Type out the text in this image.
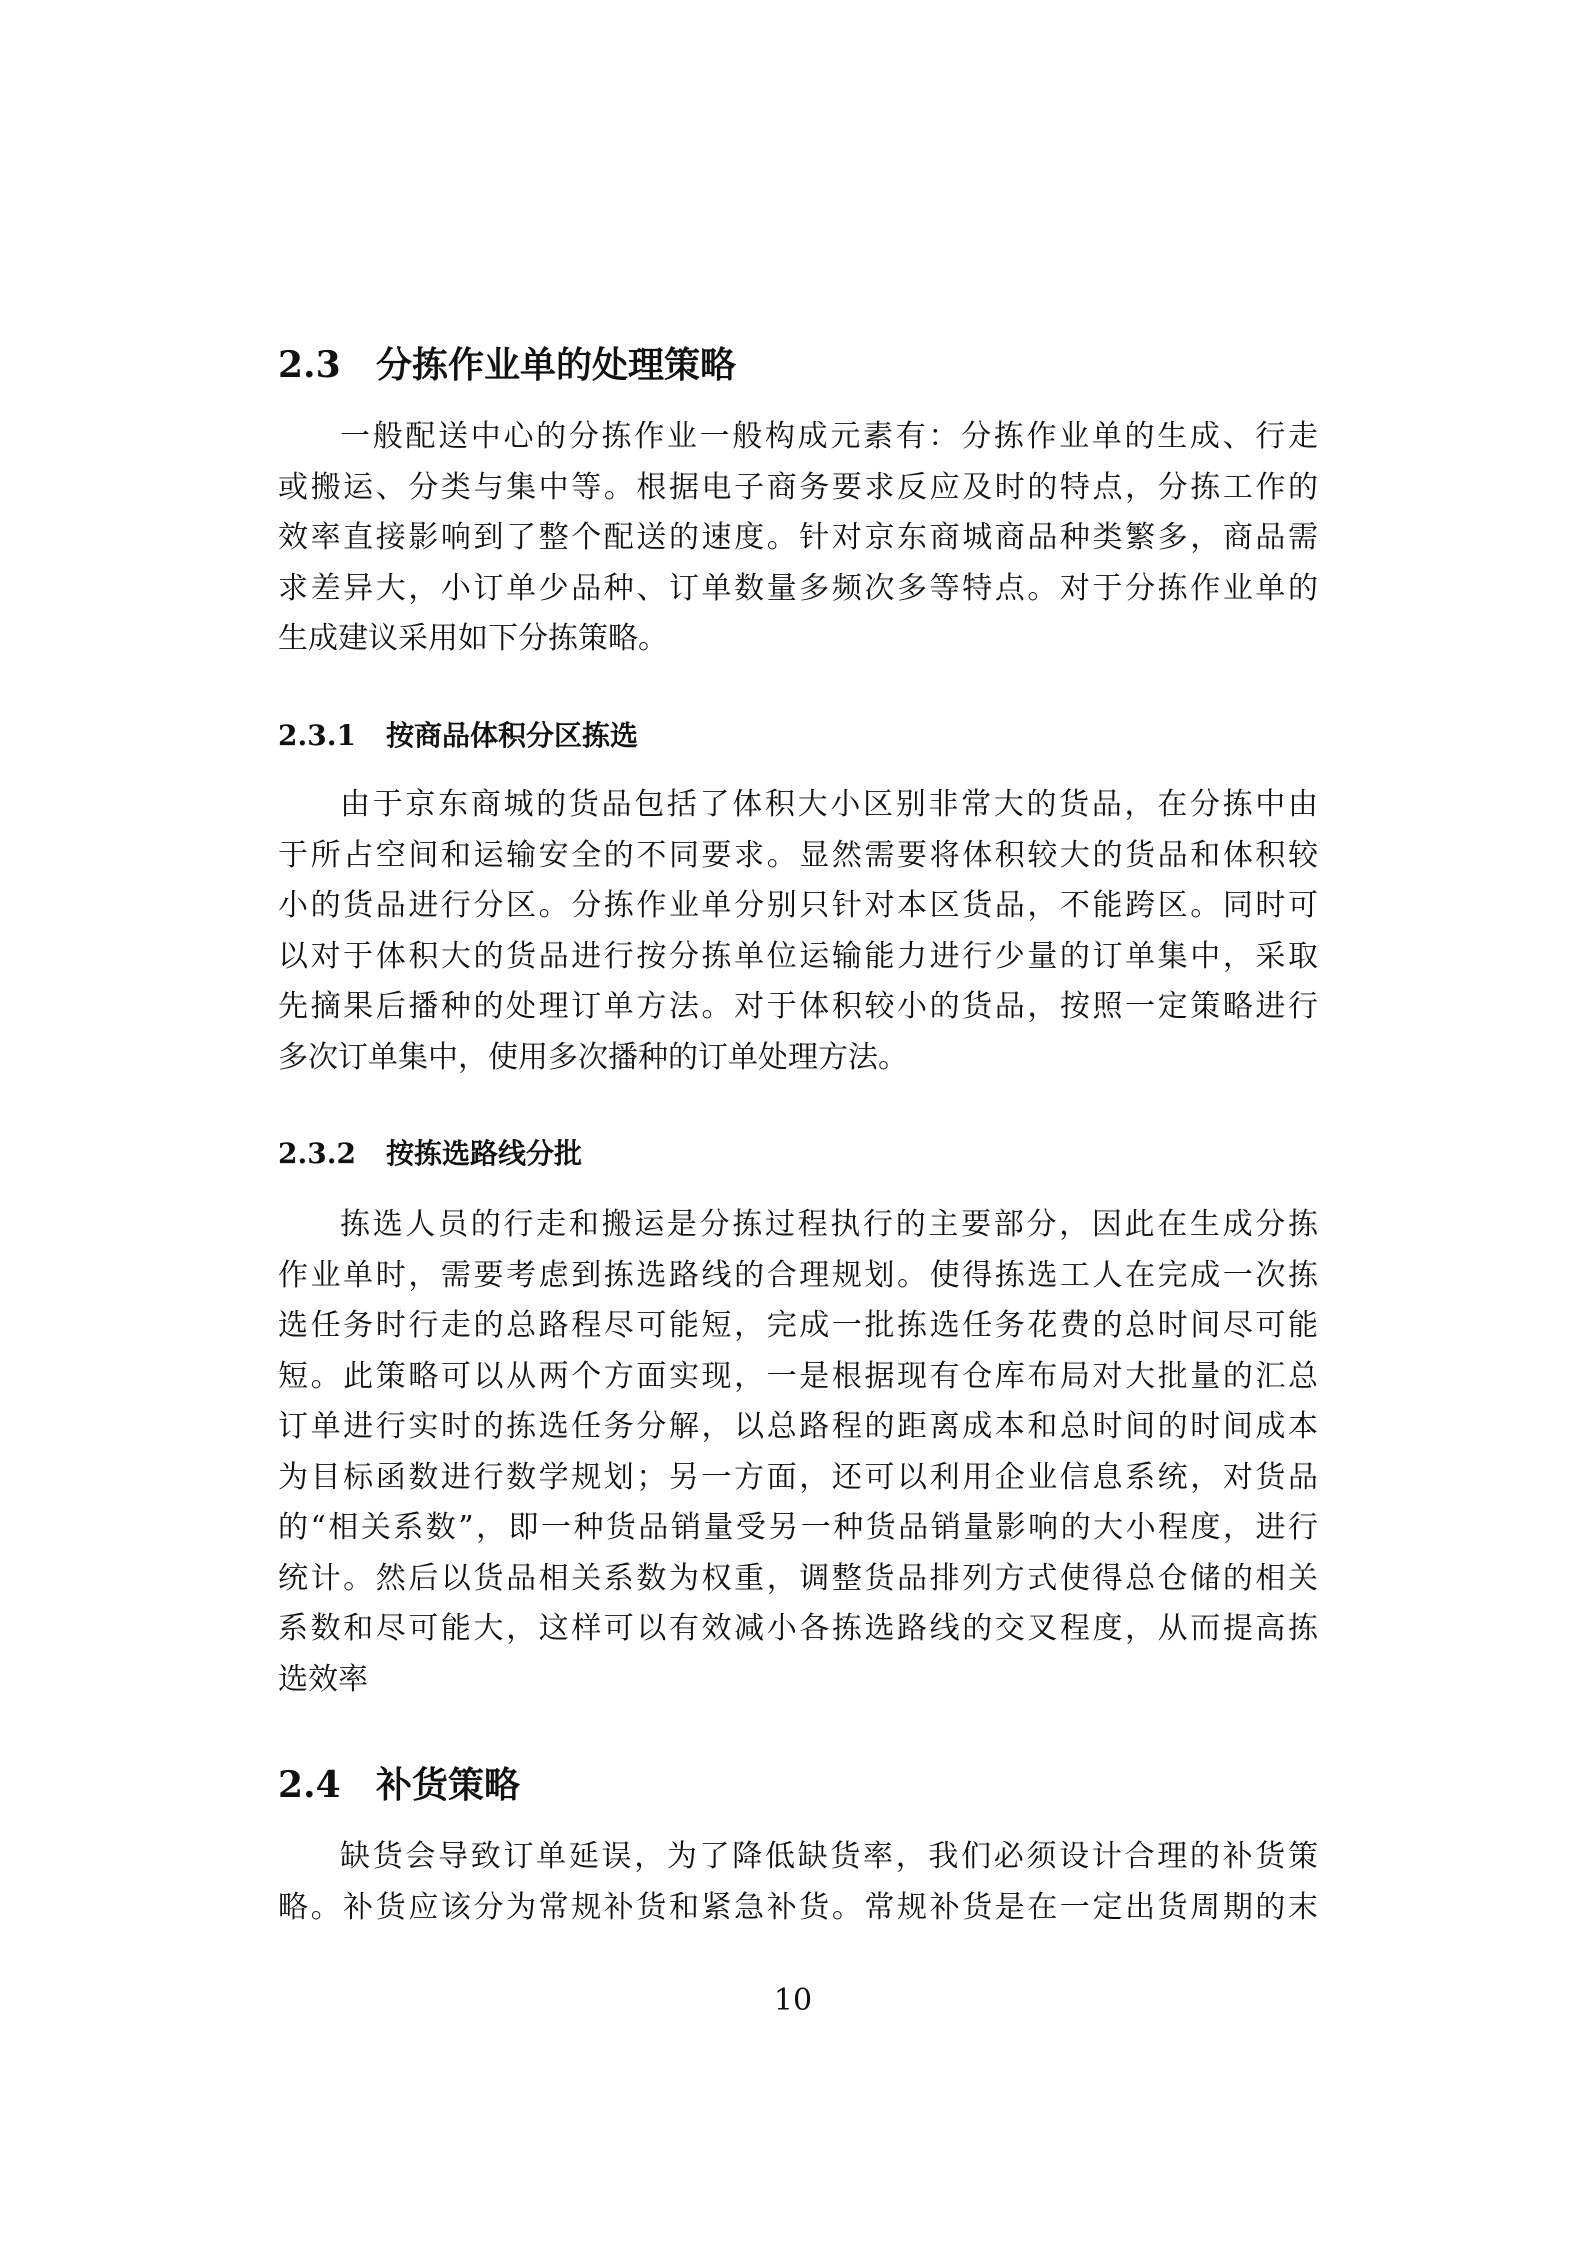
2.3 分拣作业单的处理策略
一般配送中心的分拣作业一般构成元素有：分拣作业单的生成、行走
或搬运、分类与集中等。根据电子商务要求反应及时的特点，分拣工作的
效率直接影响到了整个配送的速度。针对京东商城商品种类繁多，商品需
求差异大，小订单少品种、订单数量多频次多等特点。对于分拣作业单的
生成建议采用如下分拣策略。
2.3.1 按商品体积分区拣选
由于京东商城的货品包括了体积大小区别非常大的货品，在分拣中由
于所占空间和运输安全的不同要求。显然需要将体积较大的货品和体积较
小的货品进行分区。分拣作业单分别只针对本区货品，不能跨区。同时可
以对于体积大的货品进行按分拣单位运输能力进行少量的订单集中，采取
先摘果后播种的处理订单方法。对于体积较小的货品，按照一定策略进行
多次订单集中，使用多次播种的订单处理方法。
2.3.2 按拣选路线分批
拣选人员的行走和搬运是分拣过程执行的主要部分，因此在生成分拣
作业单时，需要考虑到拣选路线的合理规划。使得拣选工人在完成一次拣
选任务时行走的总路程尽可能短，完成一批拣选任务花费的总时间尽可能
短。此策略可以从两个方面实现，一是根据现有仓库布局对大批量的汇总
订单进行实时的拣选任务分解，以总路程的距离成本和总时间的时间成本
为目标函数进行数学规划；另一方面，还可以利用企业信息系统，对货品
的“相关系数”，即一种货品销量受另一种货品销量影响的大小程度，进行
统计。然后以货品相关系数为权重，调整货品排列方式使得总仓储的相关
系数和尽可能大，这样可以有效减小各拣选路线的交叉程度，从而提高拣
选效率
2.4 补货策略
缺货会导致订单延误，为了降低缺货率，我们必须设计合理的补货策
略。补货应该分为常规补货和紧急补货。常规补货是在一定出货周期的末
10
